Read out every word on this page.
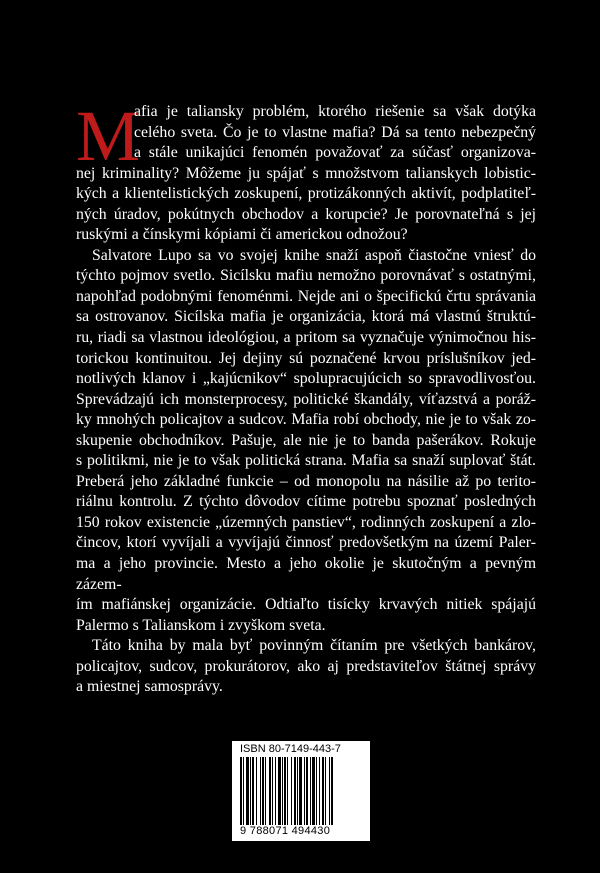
M
afia je taliansky problém, ktorého riešenie sa však dotýka
celého sveta. Čo je to vlastne mafia? Dá sa tento nebezpečný
a stále unikajúci fenomén považovať za súčasť organizova-
nej kriminality? Môžeme ju spájať s množstvom talianskych lobistic-
kých a klientelistických zoskupení, protizákonných aktivít, podplatiteľ-
ných úradov, pokútnych obchodov a korupcie? Je porovnateľná s jej
ruskými a čínskymi kópiami či americkou odnožou?
Salvatore Lupo sa vo svojej knihe snaží aspoň čiastočne vniesť do
týchto pojmov svetlo. Sicílsku mafiu nemožno porovnávať s ostatnými,
napohľad podobnými fenoménmi. Nejde ani o špecifickú črtu správania
sa ostrovanov. Sicílska mafia je organizácia, ktorá má vlastnú štruktú-
ru, riadi sa vlastnou ideológiou, a pritom sa vyznačuje výnimočnou his-
torickou kontinuitou. Jej dejiny sú poznačené krvou príslušníkov jed-
notlivých klanov i „kajúcnikov“ spolupracujúcich so spravodlivosťou.
Sprevádzajú ich monsterprocesy, politické škandály, víťazstvá a poráž-
ky mnohých policajtov a sudcov. Mafia robí obchody, nie je to však zo-
skupenie obchodníkov. Pašuje, ale nie je to banda pašerákov. Rokuje
s politikmi, nie je to však politická strana. Mafia sa snaží suplovať štát.
Preberá jeho základné funkcie – od monopolu na násilie až po terito-
riálnu kontrolu. Z týchto dôvodov cítime potrebu spoznať posledných
150 rokov existencie „územných panstiev“, rodinných zoskupení a zlo-
čincov, ktorí vyvíjali a vyvíjajú činnosť predovšetkým na území Paler-
ma a jeho provincie. Mesto a jeho okolie je skutočným a pevným zázem-
ím mafiánskej organizácie. Odtiaľto tisícky krvavých nitiek spájajú
Palermo s Talianskom i zvyškom sveta.
Táto kniha by mala byť povinným čítaním pre všetkých bankárov,
policajtov, sudcov, prokurátorov, ako aj predstaviteľov štátnej správy
a miestnej samosprávy.
ISBN 80-7149-443-7
9 788071 494430
